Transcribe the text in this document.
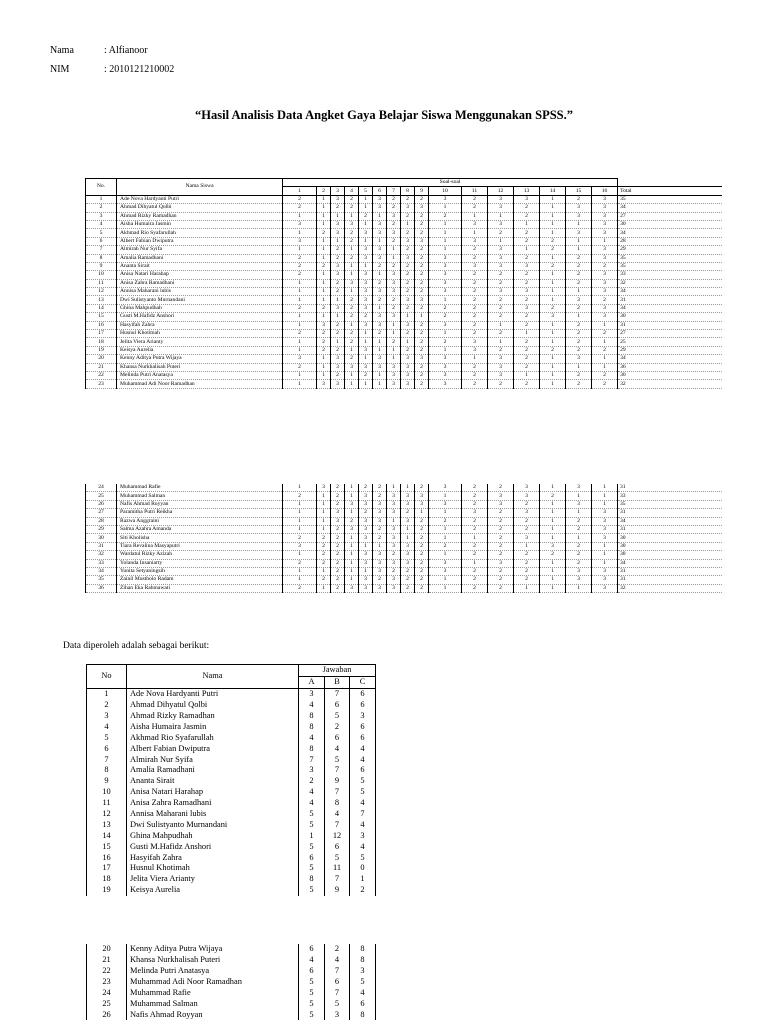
Nama	: Alfianoor
NIM	: 2010121210002
“Hasil Analisis Data Angket Gaya Belajar Siswa Menggunakan SPSS.”
No.	Nama Siswa	Soal-soal																
		1	2	3	4	5	6	7	8	9	10	11	12	13	14	15	16	Total
1	Ade Nova Hardyanti Putri	2	1	3	2	1	3	2	2	2	3	2	3	3	1	2	3	35
2	Ahmad Dihyatul Qolbi	2	1	2	2	1	3	2	3	3	1	2	3	2	1	3	3	34
3	Ahmad Rizky Ramadhan	1	1	1	1	2	1	3	2	2	2	1	1	2	1	3	3	27
4	Aisha Humaira Jasmin	3	1	3	3	1	3	2	1	2	1	3	3	1	1	1	3	30
5	Akhmad Rio Syafarullah	1	2	3	2	3	3	3	2	2	1	1	2	2	1	3	3	34
6	Albert Fabian Dwiputra	3	1	1	2	1	1	2	3	3	1	3	1	2	2	1	1	28
7	Almirah Nur Syifa	1	1	2	1	3	3	1	2	2	1	2	3	1	2	1	3	29
8	Amalia Ramadhani	2	1	2	2	3	3	1	3	2	3	2	3	2	1	2	3	35
9	Ananta Sirait	2	2	3	1	1	2	2	2	2	3	3	3	3	2	2	2	35
10	Anisa Natari Harahap	2	1	3	1	3	1	3	2	2	3	2	2	2	1	2	3	33
11	Anisa Zahra Ramadhani	1	1	2	3	3	2	3	2	2	3	2	2	2	1	2	3	32
12	Annisa Maharani lubis	1	1	2	1	3	3	3	2	2	3	2	3	3	1	1	3	34
13	Dwi Sulistyanto Murnandani	1	1	1	2	3	2	2	3	3	1	2	2	2	1	3	2	31
14	Ghina Mahpudhah	2	2	3	2	3	1	2	2	2	2	2	2	3	2	2	3	34
15	Gusti M.Hafidz Anshori	1	1	1	2	2	3	3	1	1	2	2	2	2	3	1	3	30
16	Hasyifah Zahra	1	3	2	1	3	3	1	3	2	3	2	1	2	1	2	1	31
17	Husnul Khotimah	2	2	2	2	1	2	1	2	2	1	2	2	1	1	2	2	27
18	Jelita Viera Arianty	1	2	1	2	1	1	2	1	2	2	3	1	2	1	2	1	25
19	Keisya Aurelia	1	2	2	1	3	1	1	2	2	1	3	2	2	2	2	2	29
20	Kenny Aditya Putra Wijaya	3	1	3	2	1	3	1	3	3	3	1	3	2	1	3	1	34
21	Khansa Nurkhalisah Puteri	2	1	3	3	3	3	3	3	2	3	2	3	2	1	1	1	36
22	Melinda Putri Anatasya	1	1	2	1	2	1	3	3	2	3	2	3	1	1	2	2	30
23	Muhammad Adi Noor Ramadhan	1	3	3	1	1	1	3	3	2	3	2	2	2	1	2	2	32
24	Muhammad Rafie	1	3	2	1	2	2	1	1	2	3	2	2	3	1	3	1	31
25	Muhammad Salman	2	1	2	1	3	2	3	3	3	1	2	3	3	2	1	1	33
26	Nafis Ahmad Royyan	1	1	2	3	3	3	3	3	3	3	2	3	2	1	3	1	35
27	Paramitha Putri Reikha	1	1	3	1	2	3	3	2	1	1	3	2	3	1	1	3	31
28	Razwa Anggraini	1	1	3	2	3	3	1	3	2	2	2	2	2	1	2	3	34
29	Salma Azahra Amanda	1	1	2	3	3	2	3	1	2	1	2	2	2	1	2	3	31
30	Siti Kholisha	2	2	2	1	3	2	3	1	2	1	1	2	3	1	1	3	30
31	Tiara Revalina Masyaputri	3	2	2	1	1	1	3	3	2	2	2	2	1	3	2	1	30
32	Wardatul Rizky Azizah	1	2	2	1	3	3	2	3	2	1	2	2	2	2	2	1	30
33	Yolanda Insaniarty	2	2	2	1	3	3	3	3	2	3	1	3	2	1	2	1	34
34	Yunita Setyaningsih	1	1	2	1	1	3	2	2	2	3	2	2	2	1	3	3	31
35	Zainil Mustholo Radam	1	2	2	1	3	2	3	2	2	1	2	2	2	1	3	3	31
36	Zihan Eka Rahmawati	2	1	2	3	3	3	3	2	2	1	2	2	1	1	1	3	32
Data diperoleh adalah sebagai berikut:
No	Nama	Jawaban		
		A	B	C
1	Ade Nova Hardyanti Putri	3	7	6
2	Ahmad Dihyatul Qolbi	4	6	6
3	Ahmad Rizky Ramadhan	8	5	3
4	Aisha Humaira Jasmin	8	2	6
5	Akhmad Rio Syafarullah	4	6	6
6	Albert Fabian Dwiputra	8	4	4
7	Almirah Nur Syifa	7	5	4
8	Amalia Ramadhani	3	7	6
9	Ananta Sirait	2	9	5
10	Anisa Natari Harahap	4	7	5
11	Anisa Zahra Ramadhani	4	8	4
12	Annisa Maharani lubis	5	4	7
13	Dwi Sulistyanto Murnandani	5	7	4
14	Ghina Mahpudhah	1	12	3
15	Gusti M.Hafidz Anshori	5	6	4
16	Hasyifah Zahra	6	5	5
17	Husnul Khotimah	5	11	0
18	Jelita Viera Arianty	8	7	1
19	Keisya Aurelia	5	9	2
20	Kenny Aditya Putra Wijaya	6	2	8
21	Khansa Nurkhalisah Puteri	4	4	8
22	Melinda Putri Anatasya	6	7	3
23	Muhammad Adi Noor Ramadhan	5	6	5
24	Muhammad Rafie	5	7	4
25	Muhammad Salman	5	5	6
26	Nafis Ahmad Royyan	5	3	8
